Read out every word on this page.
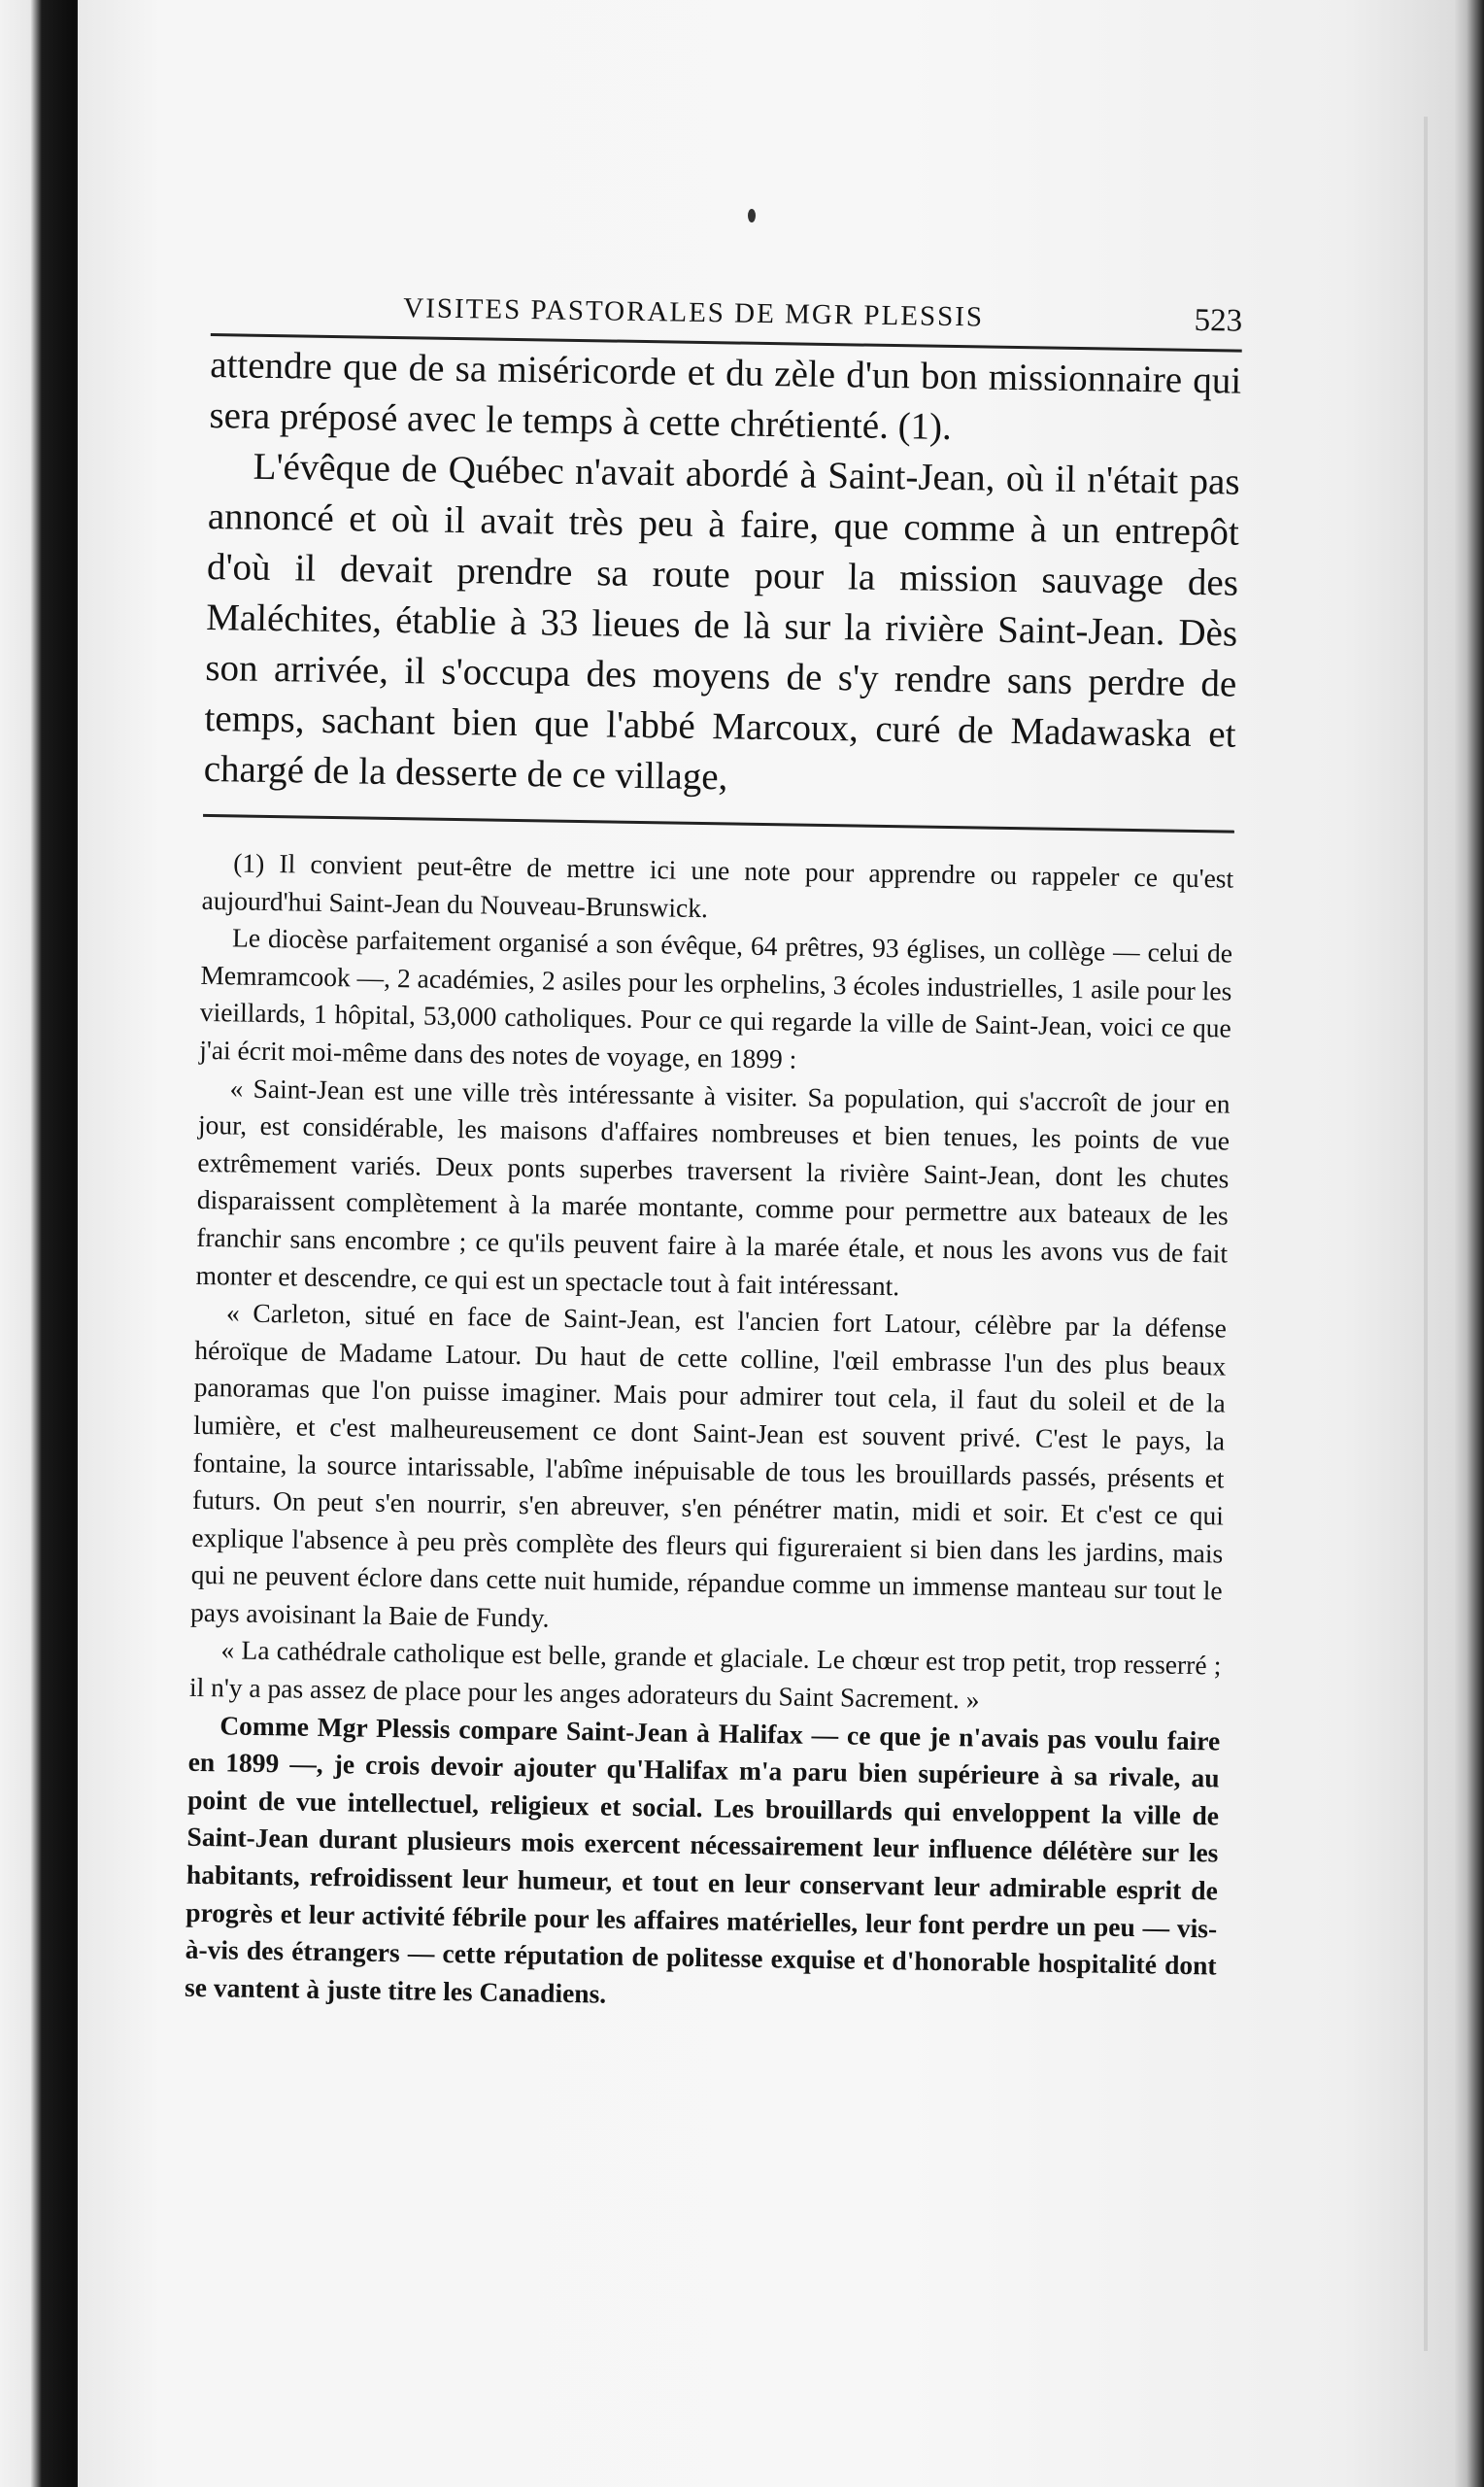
VISITES PASTORALES DE MGR PLESSIS	523

attendre que de sa miséricorde et du zèle d'un bon missionnaire qui sera préposé avec le temps à cette chrétienté. (1).

L'évêque de Québec n'avait abordé à Saint-Jean, où il n'était pas annoncé et où il avait très peu à faire, que comme à un entrepôt d'où il devait prendre sa route pour la mission sauvage des Maléchites, établie à 33 lieues de là sur la rivière Saint-Jean. Dès son arrivée, il s'occupa des moyens de s'y rendre sans perdre de temps, sachant bien que l'abbé Marcoux, curé de Madawaska et chargé de la desserte de ce village,

(1) Il convient peut-être de mettre ici une note pour apprendre ou rappeler ce qu'est aujourd'hui Saint-Jean du Nouveau-Brunswick.

Le diocèse parfaitement organisé a son évêque, 64 prêtres, 93 églises, un collège — celui de Memramcook —, 2 académies, 2 asiles pour les orphelins, 3 écoles industrielles, 1 asile pour les vieillards, 1 hôpital, 53,000 catholiques. Pour ce qui regarde la ville de Saint-Jean, voici ce que j'ai écrit moi-même dans des notes de voyage, en 1899 :

« Saint-Jean est une ville très intéressante à visiter. Sa population, qui s'accroît de jour en jour, est considérable, les maisons d'affaires nombreuses et bien tenues, les points de vue extrêmement variés. Deux ponts superbes traversent la rivière Saint-Jean, dont les chutes disparaissent complètement à la marée montante, comme pour permettre aux bateaux de les franchir sans encombre ; ce qu'ils peuvent faire à la marée étale, et nous les avons vus de fait monter et descendre, ce qui est un spectacle tout à fait intéressant.

« Carleton, situé en face de Saint-Jean, est l'ancien fort Latour, célèbre par la défense héroïque de Madame Latour. Du haut de cette colline, l'œil embrasse l'un des plus beaux panoramas que l'on puisse imaginer. Mais pour admirer tout cela, il faut du soleil et de la lumière, et c'est malheureusement ce dont Saint-Jean est souvent privé. C'est le pays, la fontaine, la source intarissable, l'abîme inépuisable de tous les brouillards passés, présents et futurs. On peut s'en nourrir, s'en abreuver, s'en pénétrer matin, midi et soir. Et c'est ce qui explique l'absence à peu près complète des fleurs qui figureraient si bien dans les jardins, mais qui ne peuvent éclore dans cette nuit humide, répandue comme un immense manteau sur tout le pays avoisinant la Baie de Fundy.

« La cathédrale catholique est belle, grande et glaciale. Le chœur est trop petit, trop resserré ; il n'y a pas assez de place pour les anges adorateurs du Saint Sacrement. »

Comme Mgr Plessis compare Saint-Jean à Halifax — ce que je n'avais pas voulu faire en 1899 —, je crois devoir ajouter qu'Halifax m'a paru bien supérieure à sa rivale, au point de vue intellectuel, religieux et social. Les brouillards qui enveloppent la ville de Saint-Jean durant plusieurs mois exercent nécessairement leur influence délétère sur les habitants, refroidissent leur humeur, et tout en leur conservant leur admirable esprit de progrès et leur activité fébrile pour les affaires matérielles, leur font perdre un peu — vis-à-vis des étrangers — cette réputation de politesse exquise et d'honorable hospitalité dont se vantent à juste titre les Canadiens.
